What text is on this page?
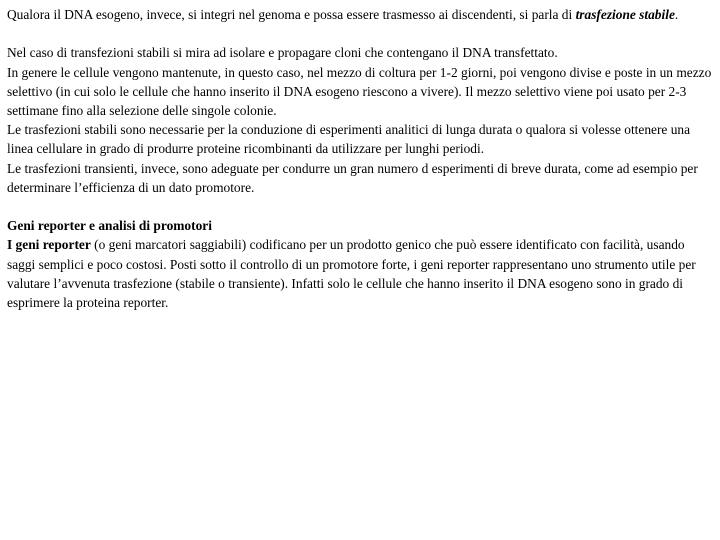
Qualora il DNA esogeno, invece, si integri nel genoma e possa essere trasmesso ai discendenti, si parla di trasfezione stabile.

Nel caso di transfezioni stabili si mira ad isolare e propagare cloni che contengano il DNA transfettato.

In genere le cellule vengono mantenute, in questo caso, nel mezzo di coltura per 1-2 giorni, poi vengono divise e poste in un mezzo selettivo (in cui solo le cellule che hanno inserito il DNA esogeno riescono a vivere). Il mezzo selettivo viene poi usato per 2-3 settimane fino alla selezione delle singole colonie.

Le trasfezioni stabili sono necessarie per la conduzione di esperimenti analitici di lunga durata o qualora si volesse ottenere una linea cellulare in grado di produrre proteine ricombinanti da utilizzare per lunghi periodi.

Le trasfezioni transienti, invece, sono adeguate per condurre un gran numero d esperimenti di breve durata, come ad esempio per determinare l’efficienza di un dato promotore.

Geni reporter e analisi di promotori

I geni reporter (o geni marcatori saggiabili) codificano per un prodotto genico che può essere identificato con facilità, usando saggi semplici e poco costosi. Posti sotto il controllo di un promotore forte, i geni reporter rappresentano uno strumento utile per valutare l’avvenuta trasfezione (stabile o transiente). Infatti solo le cellule che hanno inserito il DNA esogeno sono in grado di esprimere la proteina reporter.
